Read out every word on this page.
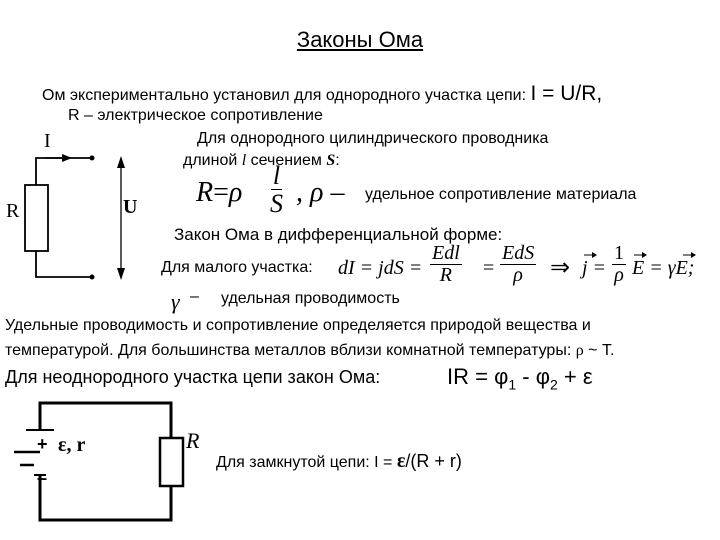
Законы Ома
Ом экспериментально установил для однородного участка цепи: I = U/R,
R – электрическое сопротивление
Для однородного цилиндрического проводника
длиной l сечением S:
I
R	U $R=\rho \frac{l}{S}$ , ρ – удельное сопротивление материала
Закон Ома в дифференциальной форме:
Для малого участка: dI = jdS =
Edl
R =
EdS
ρ ⇒ $j = \frac{1}{\rho}$ E = γE;
γ – удельная проводимость
Удельные проводимость и сопротивление определяется природой вещества и
температурой. Для большинства металлов вблизи комнатной температуры: ρ ~ T.
Для неоднородного участка цепи закон Ома:	IR = $\varphi_1 - \varphi_2 + \varepsilon$
+
–
ε, r	R
Для замкнутой цепи: I = ε/(R + r)
